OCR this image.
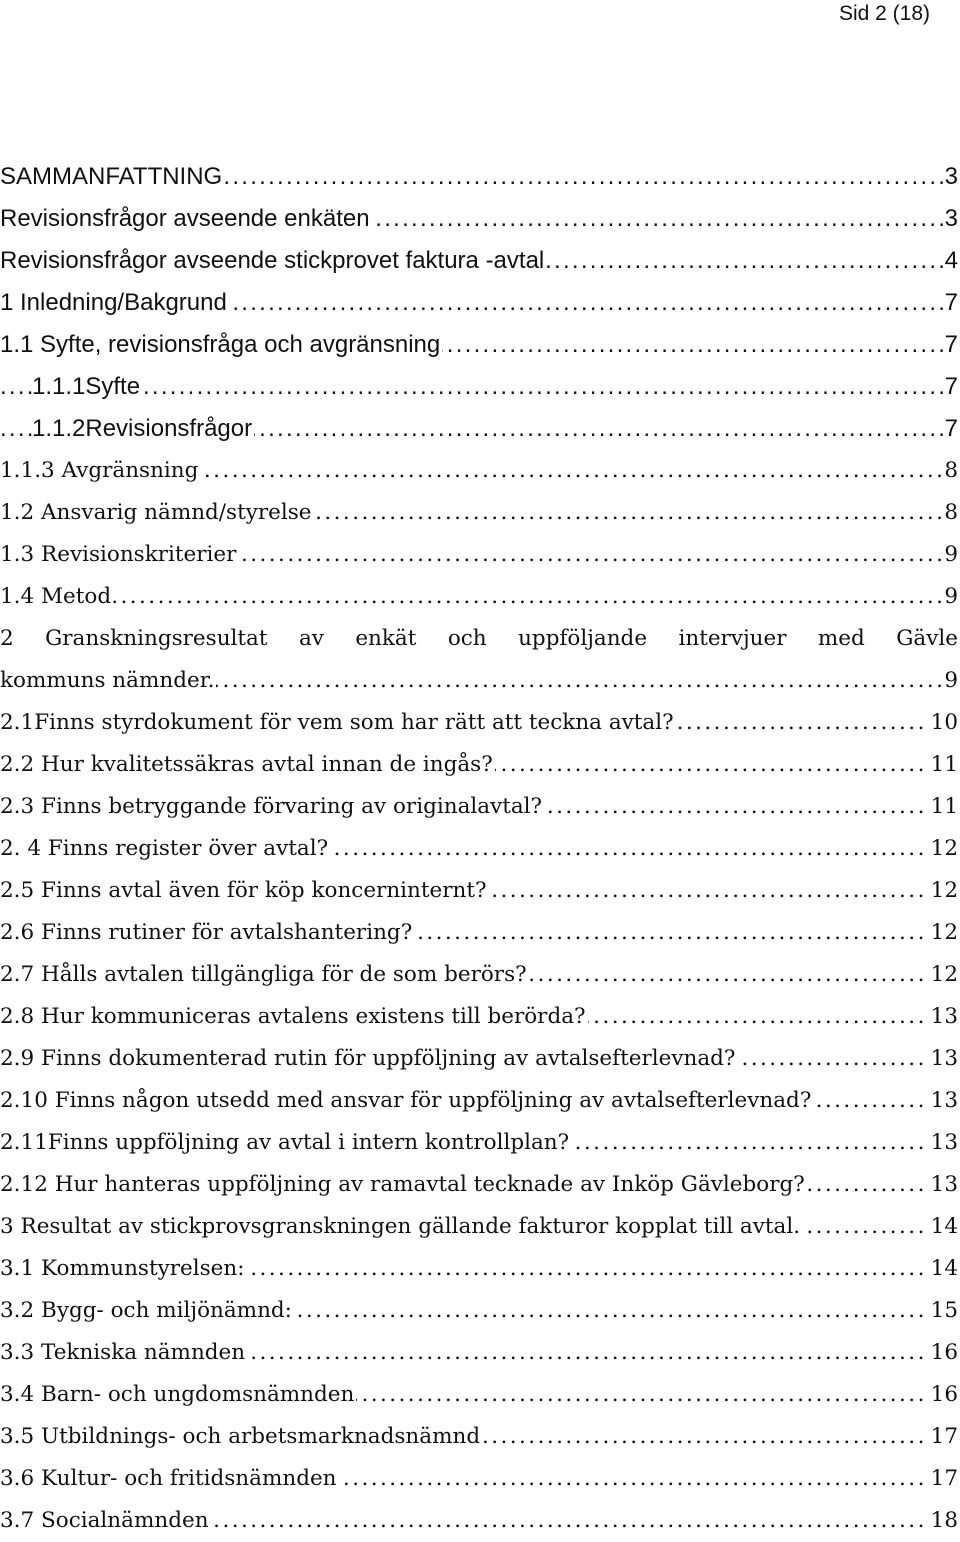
Sid 2 (18)
. . .
SAMMANFATTNING	3
. . .
Revisionsfrågor avseende enkäten	3
. . .
Revisionsfrågor avseende stickprovet faktura -avtal	4
. . .
1 Inledning/Bakgrund	7
. . .
1.1 Syfte, revisionsfråga och avgränsning	7
. . .
1.1.1Syfte	7
. . .
1.1.2Revisionsfrågor	7
. . .
1.1.3 Avgränsning	8
. . .
1.2 Ansvarig nämnd/styrelse	8
. . .
1.3 Revisionskriterier	9
. . .
1.4 Metod	9
2 Granskningsresultat av enkät och uppföljande intervjuer med Gävle
. . .
kommuns nämnder.	9
. . .
2.1Finns styrdokument för vem som har rätt att teckna avtal?	10
. . .
2.2 Hur kvalitetssäkras avtal innan de ingås?	11
. . .
2.3 Finns betryggande förvaring av originalavtal?	11
. . .
2. 4 Finns register över avtal?	12
. . .
2.5 Finns avtal även för köp koncerninternt?	12
. . .
2.6 Finns rutiner för avtalshantering?	12
. . .
2.7 Hålls avtalen tillgängliga för de som berörs?	12
. . .
2.8 Hur kommuniceras avtalens existens till berörda?	13
. . .
2.9 Finns dokumenterad rutin för uppföljning av avtalsefterlevnad?	13
. . .
2.10 Finns någon utsedd med ansvar för uppföljning av avtalsefterlevnad?	13
. . .
2.11Finns uppföljning av avtal i intern kontrollplan?	13
. . .
2.12 Hur hanteras uppföljning av ramavtal tecknade av Inköp Gävleborg?	13
. . .
3 Resultat av stickprovsgranskningen gällande fakturor kopplat till avtal.	14
. . .
3.1 Kommunstyrelsen:	14
. . .
3.2 Bygg- och miljönämnd:	15
. . .
3.3 Tekniska nämnden	16
. . .
3.4 Barn- och ungdomsnämnden	16
. . .
3.5 Utbildnings- och arbetsmarknadsnämnd	17
. . .
3.6 Kultur- och fritidsnämnden	17
. . .
3.7 Socialnämnden	18
